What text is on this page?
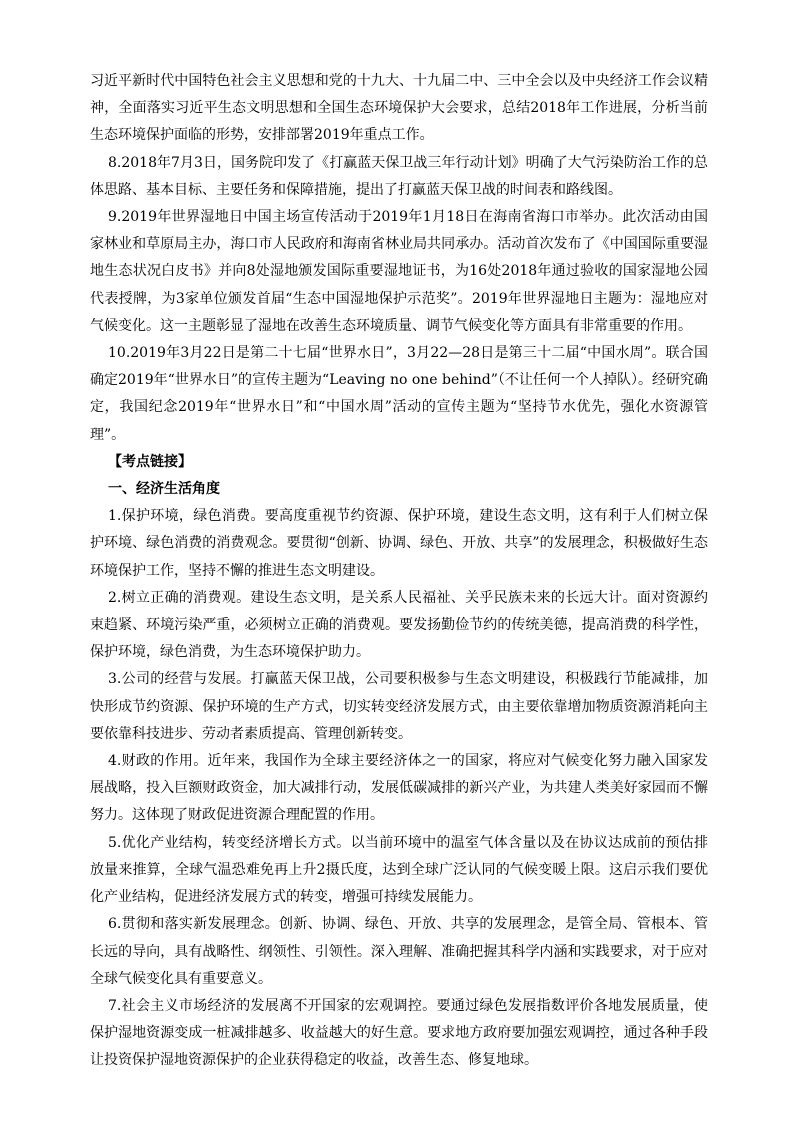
习近平新时代中国特色社会主义思想和党的十九大、十九届二中、三中全会以及中央经济工作会议精神，全面落实习近平生态文明思想和全国生态环境保护大会要求，总结2018年工作进展，分析当前生态环境保护面临的形势，安排部署2019年重点工作。

8.2018年7月3日，国务院印发了《打赢蓝天保卫战三年行动计划》明确了大气污染防治工作的总体思路、基本目标、主要任务和保障措施，提出了打赢蓝天保卫战的时间表和路线图。

9.2019年世界湿地日中国主场宣传活动于2019年1月18日在海南省海口市举办。此次活动由国家林业和草原局主办，海口市人民政府和海南省林业局共同承办。活动首次发布了《中国国际重要湿地生态状况白皮书》并向8处湿地颁发国际重要湿地证书，为16处2018年通过验收的国家湿地公园代表授牌，为3家单位颁发首届“生态中国湿地保护示范奖”。2019年世界湿地日主题为：湿地应对气候变化。这一主题彰显了湿地在改善生态环境质量、调节气候变化等方面具有非常重要的作用。

10.2019年3月22日是第二十七届“世界水日”，3月22—28日是第三十二届“中国水周”。联合国确定2019年“世界水日”的宣传主题为“Leaving no one behind”（不让任何一个人掉队）。经研究确定，我国纪念2019年“世界水日”和“中国水周”活动的宣传主题为“坚持节水优先，强化水资源管理”。

【考点链接】

一、经济生活角度

1.保护环境，绿色消费。要高度重视节约资源、保护环境，建设生态文明，这有利于人们树立保护环境、绿色消费的消费观念。要贯彻“创新、协调、绿色、开放、共享”的发展理念，积极做好生态环境保护工作，坚持不懈的推进生态文明建设。

2.树立正确的消费观。建设生态文明，是关系人民福祉、关乎民族未来的长远大计。面对资源约束趋紧、环境污染严重，必须树立正确的消费观。要发扬勤俭节约的传统美德，提高消费的科学性，保护环境，绿色消费，为生态环境保护助力。

3.公司的经营与发展。打赢蓝天保卫战，公司要积极参与生态文明建设，积极践行节能减排，加快形成节约资源、保护环境的生产方式，切实转变经济发展方式，由主要依靠增加物质资源消耗向主要依靠科技进步、劳动者素质提高、管理创新转变。

4.财政的作用。近年来，我国作为全球主要经济体之一的国家，将应对气候变化努力融入国家发展战略，投入巨额财政资金，加大减排行动，发展低碳减排的新兴产业，为共建人类美好家园而不懈努力。这体现了财政促进资源合理配置的作用。

5.优化产业结构，转变经济增长方式。以当前环境中的温室气体含量以及在协议达成前的预估排放量来推算，全球气温恐难免再上升2摄氏度，达到全球广泛认同的气候变暖上限。这启示我们要优化产业结构，促进经济发展方式的转变，增强可持续发展能力。

6.贯彻和落实新发展理念。创新、协调、绿色、开放、共享的发展理念，是管全局、管根本、管长远的导向，具有战略性、纲领性、引领性。深入理解、准确把握其科学内涵和实践要求，对于应对全球气候变化具有重要意义。

7.社会主义市场经济的发展离不开国家的宏观调控。要通过绿色发展指数评价各地发展质量，使保护湿地资源变成一桩减排越多、收益越大的好生意。要求地方政府要加强宏观调控，通过各种手段让投资保护湿地资源保护的企业获得稳定的收益，改善生态、修复地球。
